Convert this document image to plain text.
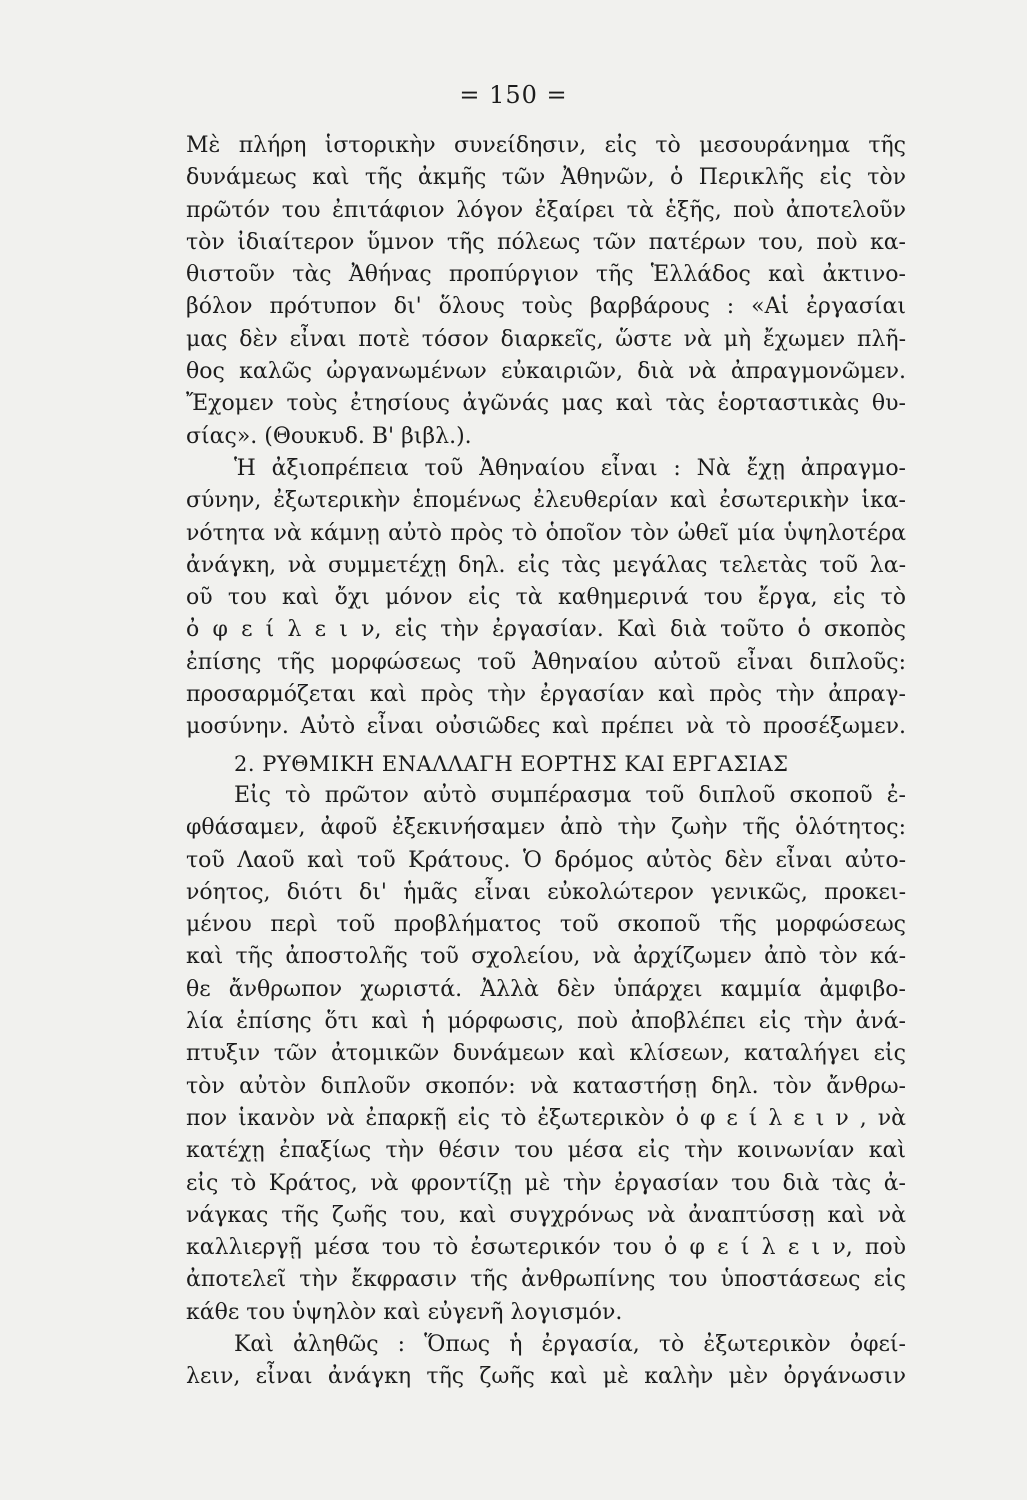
= 150 =
Μὲ πλήρη ἱστορικὴν συνείδησιν, εἰς τὸ μεσουράνημα τῆς
δυνάμεως καὶ τῆς ἀκμῆς τῶν Ἀθηνῶν, ὁ Περικλῆς εἰς τὸν
πρῶτόν του ἐπιτάφιον λόγον ἐξαίρει τὰ ἑξῆς, ποὺ ἀποτελοῦν
τὸν ἰδιαίτερον ὕμνον τῆς πόλεως τῶν πατέρων του, ποὺ κα-
θιστοῦν τὰς Ἀθήνας προπύργιον τῆς Ἑλλάδος καὶ ἀκτινο-
βόλον πρότυπον δι' ὅλους τοὺς βαρβάρους : «Αἱ ἐργασίαι
μας δὲν εἶναι ποτὲ τόσον διαρκεῖς, ὥστε νὰ μὴ ἔχωμεν πλῆ-
θος καλῶς ὠργανωμένων εὐκαιριῶν, διὰ νὰ ἀπραγμονῶμεν.
Ἔχομεν τοὺς ἐτησίους ἀγῶνάς μας καὶ τὰς ἑορταστικὰς θυ-
σίας». (Θουκυδ. Β' βιβλ.).
Ἡ ἀξιοπρέπεια τοῦ Ἀθηναίου εἶναι : Νὰ ἔχῃ ἀπραγμο-
σύνην, ἐξωτερικὴν ἑπομένως ἐλευθερίαν καὶ ἐσωτερικὴν ἱκα-
νότητα νὰ κάμνῃ αὐτὸ πρὸς τὸ ὁποῖον τὸν ὠθεῖ μία ὑψηλοτέρα
ἀνάγκη, νὰ συμμετέχῃ δηλ. εἰς τὰς μεγάλας τελετὰς τοῦ λα-
οῦ του καὶ ὄχι μόνον εἰς τὰ καθημερινά του ἔργα, εἰς τὸ
ὀ φ ε ί λ ε ι ν, εἰς τὴν ἐργασίαν. Καὶ διὰ τοῦτο ὁ σκοπὸς
ἐπίσης τῆς μορφώσεως τοῦ Ἀθηναίου αὐτοῦ εἶναι διπλοῦς:
προσαρμόζεται καὶ πρὸς τὴν ἐργασίαν καὶ πρὸς τὴν ἀπραγ-
μοσύνην. Αὐτὸ εἶναι οὐσιῶδες καὶ πρέπει νὰ τὸ προσέξωμεν.
2. ΡΥΘΜΙΚΗ ΕΝΑΛΛΑΓΗ ΕΟΡΤΗΣ ΚΑΙ ΕΡΓΑΣΙΑΣ
Εἰς τὸ πρῶτον αὐτὸ συμπέρασμα τοῦ διπλοῦ σκοποῦ ἐ-
φθάσαμεν, ἀφοῦ ἐξεκινήσαμεν ἀπὸ τὴν ζωὴν τῆς ὁλότητος:
τοῦ Λαοῦ καὶ τοῦ Κράτους. Ὁ δρόμος αὐτὸς δὲν εἶναι αὐτο-
νόητος, διότι δι' ἡμᾶς εἶναι εὐκολώτερον γενικῶς, προκει-
μένου περὶ τοῦ προβλήματος τοῦ σκοποῦ τῆς μορφώσεως
καὶ τῆς ἀποστολῆς τοῦ σχολείου, νὰ ἀρχίζωμεν ἀπὸ τὸν κά-
θε ἄνθρωπον χωριστά. Ἀλλὰ δὲν ὑπάρχει καμμία ἀμφιβο-
λία ἐπίσης ὅτι καὶ ἡ μόρφωσις, ποὺ ἀποβλέπει εἰς τὴν ἀνά-
πτυξιν τῶν ἀτομικῶν δυνάμεων καὶ κλίσεων, καταλήγει εἰς
τὸν αὐτὸν διπλοῦν σκοπόν: νὰ καταστήσῃ δηλ. τὸν ἄνθρω-
πον ἱκανὸν νὰ ἐπαρκῇ εἰς τὸ ἐξωτερικὸν ὀ φ ε ί λ ε ι ν , νὰ
κατέχῃ ἐπαξίως τὴν θέσιν του μέσα εἰς τὴν κοινωνίαν καὶ
εἰς τὸ Κράτος, νὰ φροντίζῃ μὲ τὴν ἐργασίαν του διὰ τὰς ἀ-
νάγκας τῆς ζωῆς του, καὶ συγχρόνως νὰ ἀναπτύσσῃ καὶ νὰ
καλλιεργῇ μέσα του τὸ ἐσωτερικόν του ὀ φ ε ί λ ε ι ν, ποὺ
ἀποτελεῖ τὴν ἔκφρασιν τῆς ἀνθρωπίνης του ὑποστάσεως εἰς
κάθε του ὑψηλὸν καὶ εὐγενῆ λογισμόν.
Καὶ ἀληθῶς : Ὅπως ἡ ἐργασία, τὸ ἐξωτερικὸν ὀφεί-
λειν, εἶναι ἀνάγκη τῆς ζωῆς καὶ μὲ καλὴν μὲν ὀργάνωσιν
